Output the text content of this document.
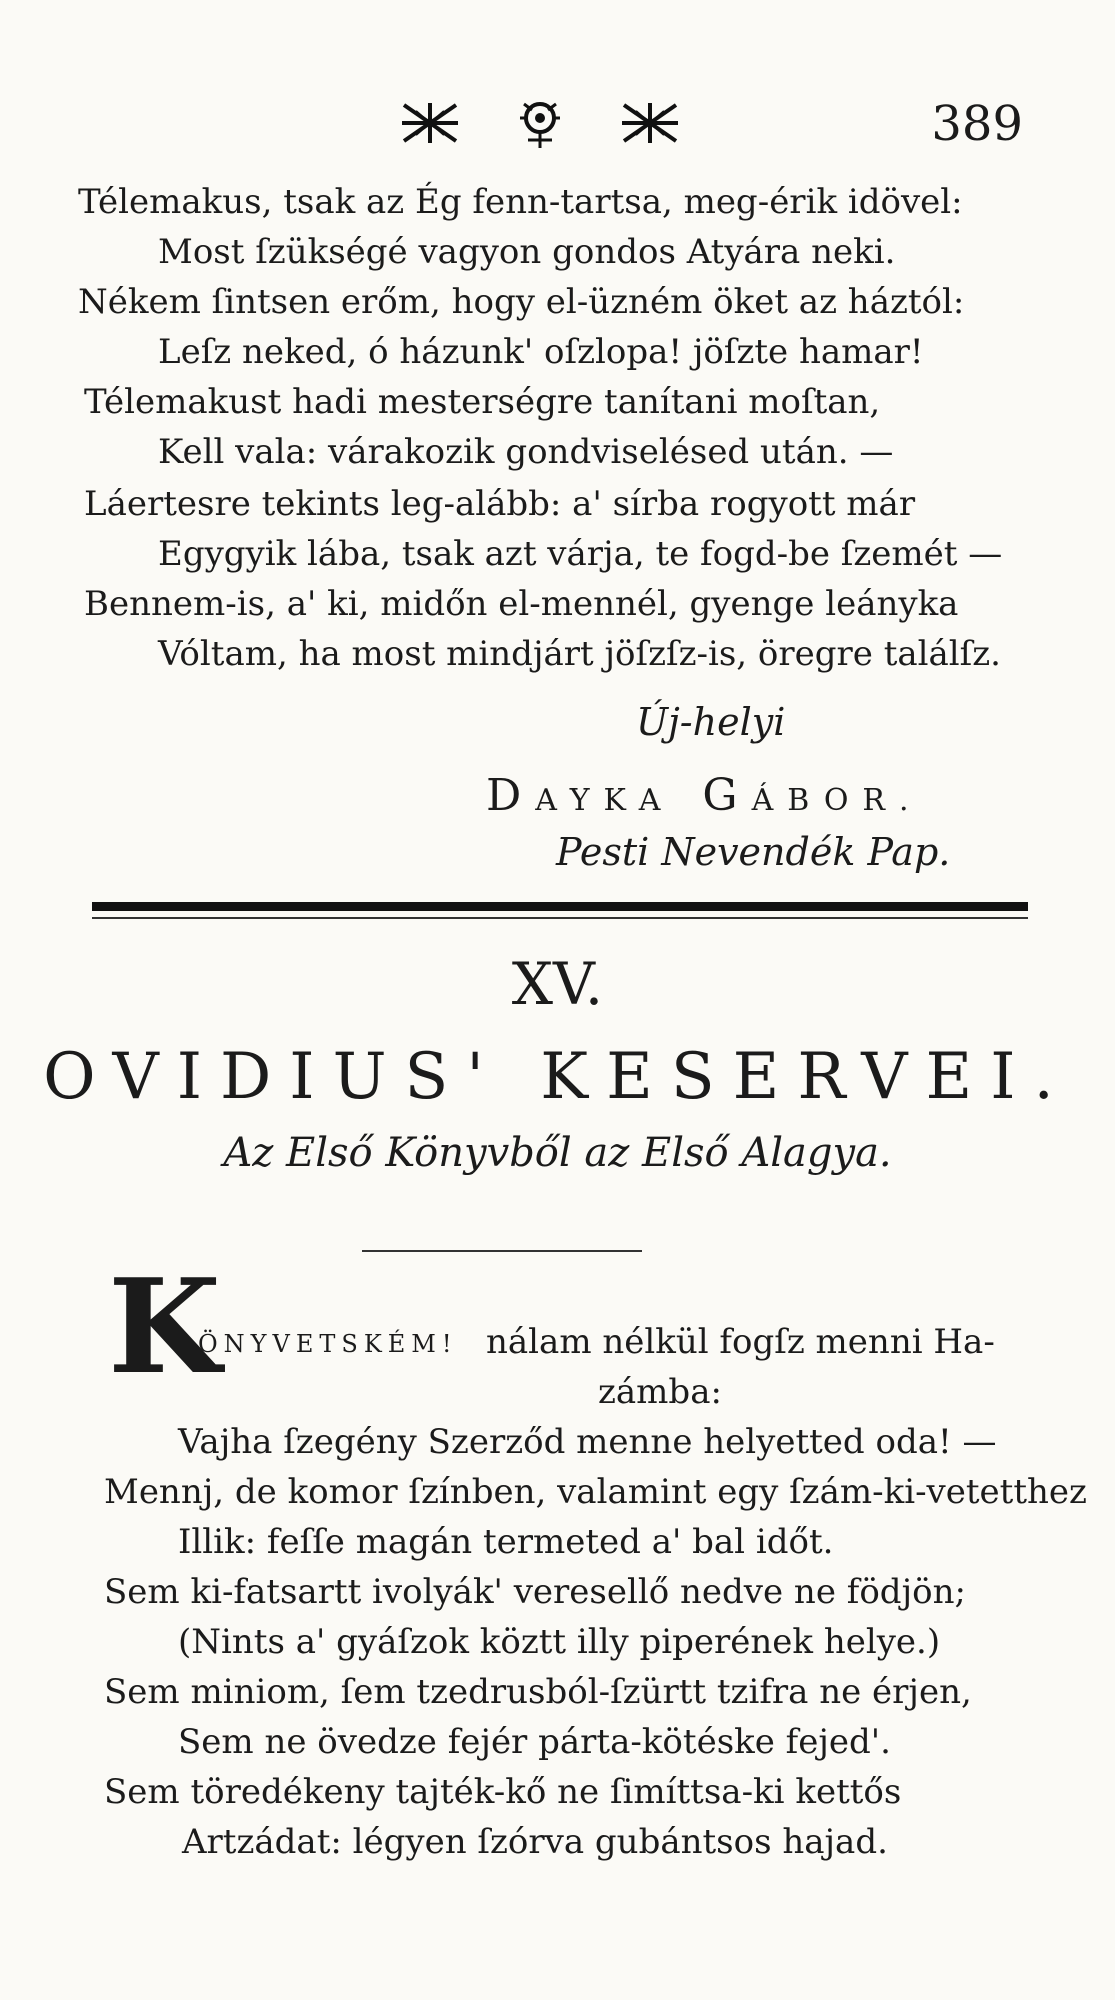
389
Télemakus, tsak az Ég fenn-tartsa, meg-érik idövel:
Most ſzükségé vagyon gondos Atyára neki.
Nékem ſintsen erőm, hogy el-üzném öket az háztól:
Leſz neked, ó házunk' oſzlopa! jöſzte hamar!
Télemakust hadi mesterségre tanítani moſtan,
Kell vala: várakozik gondviselésed után. —
Láertesre tekints leg-alább: a' sírba rogyott már
Egygyik lába, tsak azt várja, te fogd-be ſzemét —
Bennem-is, a' ki, midőn el-mennél, gyenge leányka
Vóltam, ha most mindjárt jöſzſz-is, öregre találſz.
Új-helyi
DAYKA GÁBOR.
Pesti Nevendék Pap.
XV.
OVIDIUS' KESERVEI.
Az Első Könyvből az Első Alagya.
K
ÖNYVETSKÉM! nálam nélkül fogſz menni Ha-
zámba:
Vajha ſzegény Szerződ menne helyetted oda! —
Mennj, de komor ſzínben, valamint egy ſzám-ki-vetetthez
Illik: feſſe magán termeted a' bal időt.
Sem ki-fatsartt ivolyák' veresellő nedve ne födjön;
(Nints a' gyáſzok köztt illy piperének helye.)
Sem miniom, ſem tzedrusból-ſzürtt tzifra ne érjen,
Sem ne övedze fejér párta-kötéske fejed'.
Sem töredékeny tajték-kő ne ſimíttsa-ki kettős
Artzádat: légyen ſzórva gubántsos hajad.
